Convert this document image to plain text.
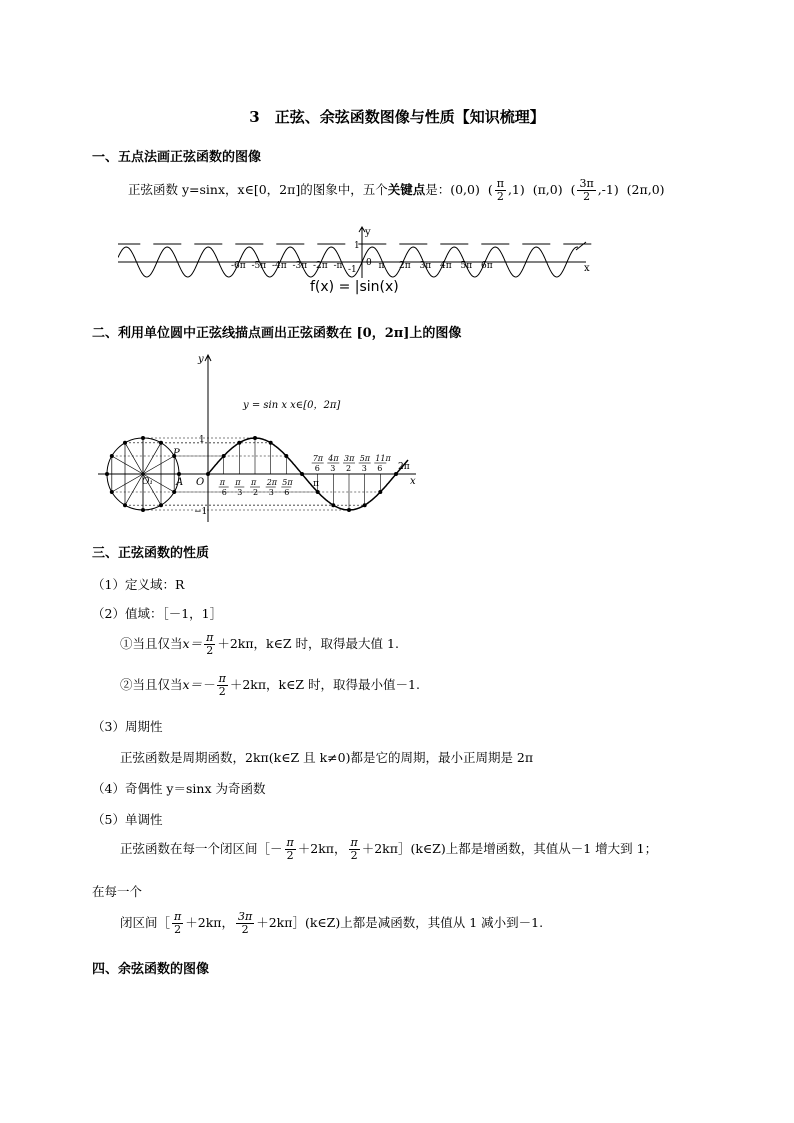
3　正弦、余弦函数图像与性质【知识梳理】
一、五点法画正弦函数的图像
正弦函数 y=sinx，x∈[0，2π]的图象中，五个关键点是：(0,0) ( $\frac{\pi}{2} ,1$) (π,0) ( $\frac{3\pi}{2} ,-1$) (2π,0)
y
x
1
-1
0
-6π -5π -4π -3π -2π -π	π 2π 3π 4π 5π 6π
f(x) = |sin(x)
二、利用单位圆中正弦线描点画出正弦函数在 [0，2π]上的图像
y
x
y = sin x x∈[0，2π]
1
−1
P
A
O₁	O π
6
π
3
π
2
2π
3
5π
6
π
7π
6
4π
3
3π
2
5π
3
11π
6 2π
三、正弦函数的性质
（1）定义域：R
（2）值域：［－1，1］
①当且仅当$x= \frac{\pi}{2} +2k\pi$，k∈Z 时，取得最大值 1.
②当且仅当$x=- \frac{\pi}{2} +2k\pi$，k∈Z 时，取得最小值－1.
（3）周期性
正弦函数是周期函数，2kπ(k∈Z 且 k≠0)都是它的周期，最小正周期是 2π
（4）奇偶性 y＝sinx 为奇函数
（5）单调性
正弦函数在每一个闭区间［－ $\frac{\pi}{2} +2k\pi$， $\frac{\pi}{2}$ ＋2kπ］(k∈Z)上都是增函数，其值从－1 增大到 1；
在每一个
闭区间［ $\frac{\pi}{2} +2k\pi$， $\frac{3\pi}{2}$ ＋2kπ］(k∈Z)上都是减函数，其值从 1 减小到－1.
四、余弦函数的图像
